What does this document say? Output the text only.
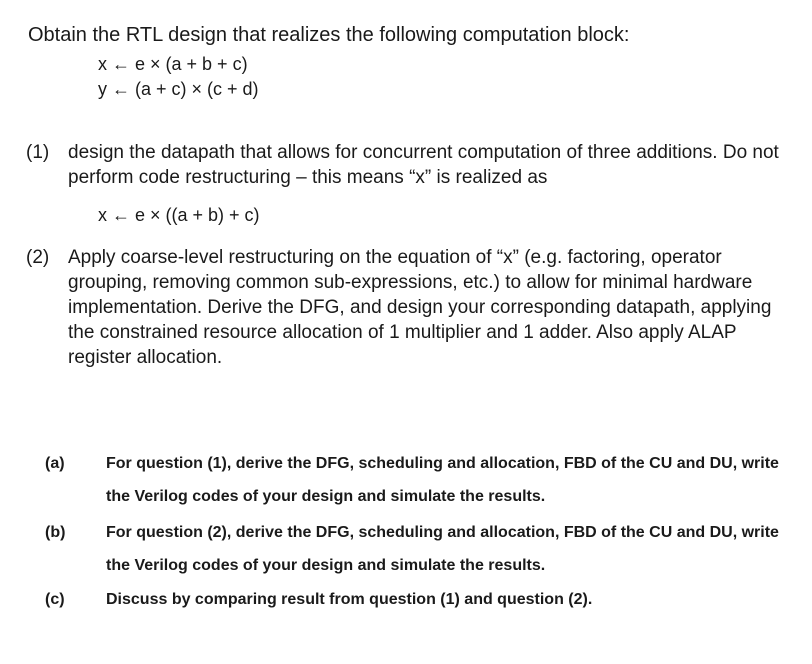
Obtain the RTL design that realizes the following computation block:
x ← e × (a + b + c)
y ← (a + c) × (c + d)
(1) design the datapath that allows for concurrent computation of three additions. Do not perform code restructuring – this means “x” is realized as
x ← e × ((a + b) + c)
(2) Apply coarse-level restructuring on the equation of “x” (e.g. factoring, operator grouping, removing common sub-expressions, etc.) to allow for minimal hardware implementation. Derive the DFG, and design your corresponding datapath, applying the constrained resource allocation of 1 multiplier and 1 adder. Also apply ALAP register allocation.
(a)	For question (1), derive the DFG, scheduling and allocation, FBD of the CU and DU, write
the Verilog codes of your design and simulate the results.
(b)	For question (2), derive the DFG, scheduling and allocation, FBD of the CU and DU, write
the Verilog codes of your design and simulate the results.
(c)	Discuss by comparing result from question (1) and question (2).
